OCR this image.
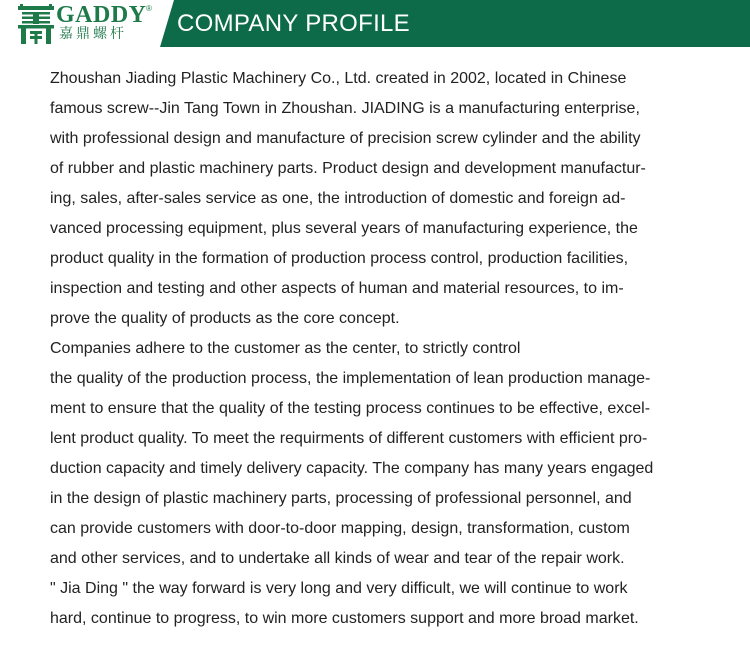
GADDY ®
嘉鼎螺杆 COMPANY PROFILE
Zhoushan Jiading Plastic Machinery Co., Ltd. created in 2002, located in Chinese
famous screw--Jin Tang Town in Zhoushan. JIADING is a manufacturing enterprise,
with professional design and manufacture of precision screw cylinder and the ability
of rubber and plastic machinery parts. Product design and development manufactur-
ing, sales, after-sales service as one, the introduction of domestic and foreign ad-
vanced processing equipment, plus several years of manufacturing experience, the
product quality in the formation of production process control, production facilities,
inspection and testing and other aspects of human and material resources, to im-
prove the quality of products as the core concept.
Companies adhere to the customer as the center, to strictly control
the quality of the production process, the implementation of lean production manage-
ment to ensure that the quality of the testing process continues to be effective, excel-
lent product quality. To meet the requirments of different customers with efficient pro-
duction capacity and timely delivery capacity. The company has many years engaged
in the design of plastic machinery parts, processing of professional personnel, and
can provide customers with door-to-door mapping, design, transformation, custom
and other services, and to undertake all kinds of wear and tear of the repair work.
" Jia Ding " the way forward is very long and very difficult, we will continue to work
hard, continue to progress, to win more customers support and more broad market.
